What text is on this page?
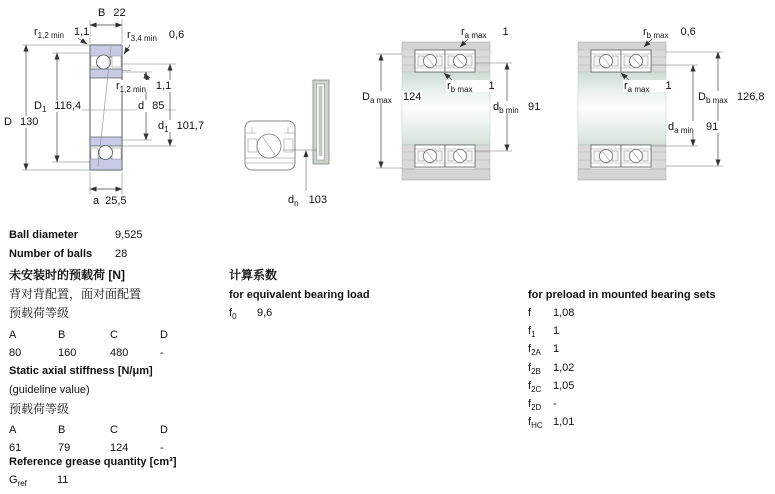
B 22
$r_{1,2 min}$ 1,1	$r_{3,4 min}$ 0,6
$D_1$ 116,4
D 130
$r_{1,2 min}$ 1,1
d 85
$d_1$ 101,7
a 25,5	$d_n$ 103
$r_{a max}$ 1
$D_{a max}$ 124
$r_{b max}$ 1
$d_{b min}$ 91
$r_{b max}$ 0,6
$r_{a max}$ 1
$D_{b max}$ 126,8
$d_{a min}$ 91
Ball diameter	9,525
Number of balls 28
未安装时的预载荷 [N]
背对背配置，面对面配置
预载荷等级
A	B	C	D
80	160	480	-
Static axial stiffness [N/μm]
(guideline value)
预载荷等级
A	B	C	D
61	79	124	-
Reference grease quantity [cm³]
$G_{ref}$	11
计算系数
for equivalent bearing load
$f_0$ 9,6
for preload in mounted bearing sets
f 1,08
$f_1$ 1
$f_{2A}$ 1
$f_{2B}$ 1,02
$f_{2C}$ 1,05
$f_{2D}$ -
$f_{HC}$ 1,01
